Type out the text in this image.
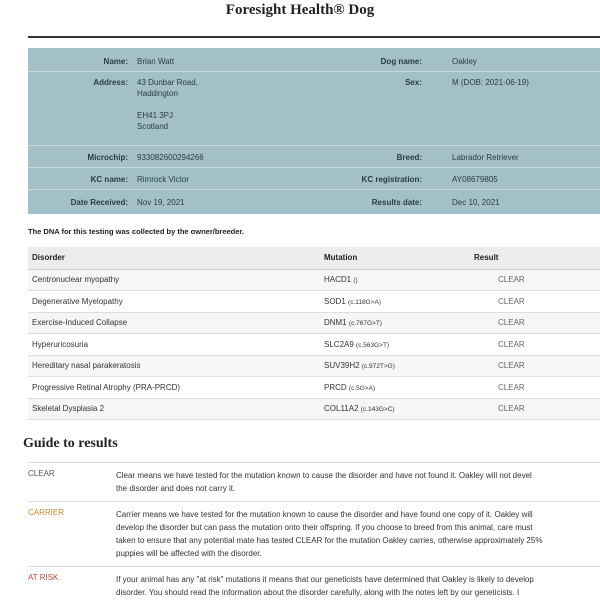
Foresight Health® Dog
Name: Brian Watt	Dog name:	Oakley
Address: 43 Dunbar Road,
Haddington
EH41 3PJ
Scotland
Sex:	M (DOB: 2021-06-19)
Microchip: 933082600294266	Breed:	Labrador Retriever
KC name: Rimrock Victor	KC registration:	AY08679805
Date Received: Nov 19, 2021	Results date:	Dec 10, 2021
The DNA for this testing was collected by the owner/breeder.
Disorder	Mutation	Result
Centronuclear myopathy	HACD1 ()	CLEAR
Degenerative Myelopathy	SOD1 (c.118G>A)	CLEAR
Exercise-Induced Collapse	DNM1 (c.767G>T)	CLEAR
Hyperuricosuria	SLC2A9 (c.563G>T)	CLEAR
Hereditary nasal parakeratosis	SUV39H2 (c.972T>G)	CLEAR
Progressive Retinal Atrophy (PRA-PRCD)	PRCD (c.5G>A)	CLEAR
Skeletal Dysplasia 2	COL11A2 (c.143G>C)	CLEAR
Guide to results
CLEAR	Clear means we have tested for the mutation known to cause the disorder and have not found it. Oakley will not devel
the disorder and does not carry it.
CARRIER	Carrier means we have tested for the mutation known to cause the disorder and have found one copy of it. Oakley will
develop the disorder but can pass the mutation onto their offspring. If you choose to breed from this animal, care must
taken to ensure that any potential mate has tested CLEAR for the mutation Oakley carries, otherwise approximately 25%
puppies will be affected with the disorder.
AT RISK	If your animal has any "at risk" mutations it means that our geneticists have determined that Oakley is likely to develop
disorder. You should read the information about the disorder carefully, along with the notes left by our geneticists. I
